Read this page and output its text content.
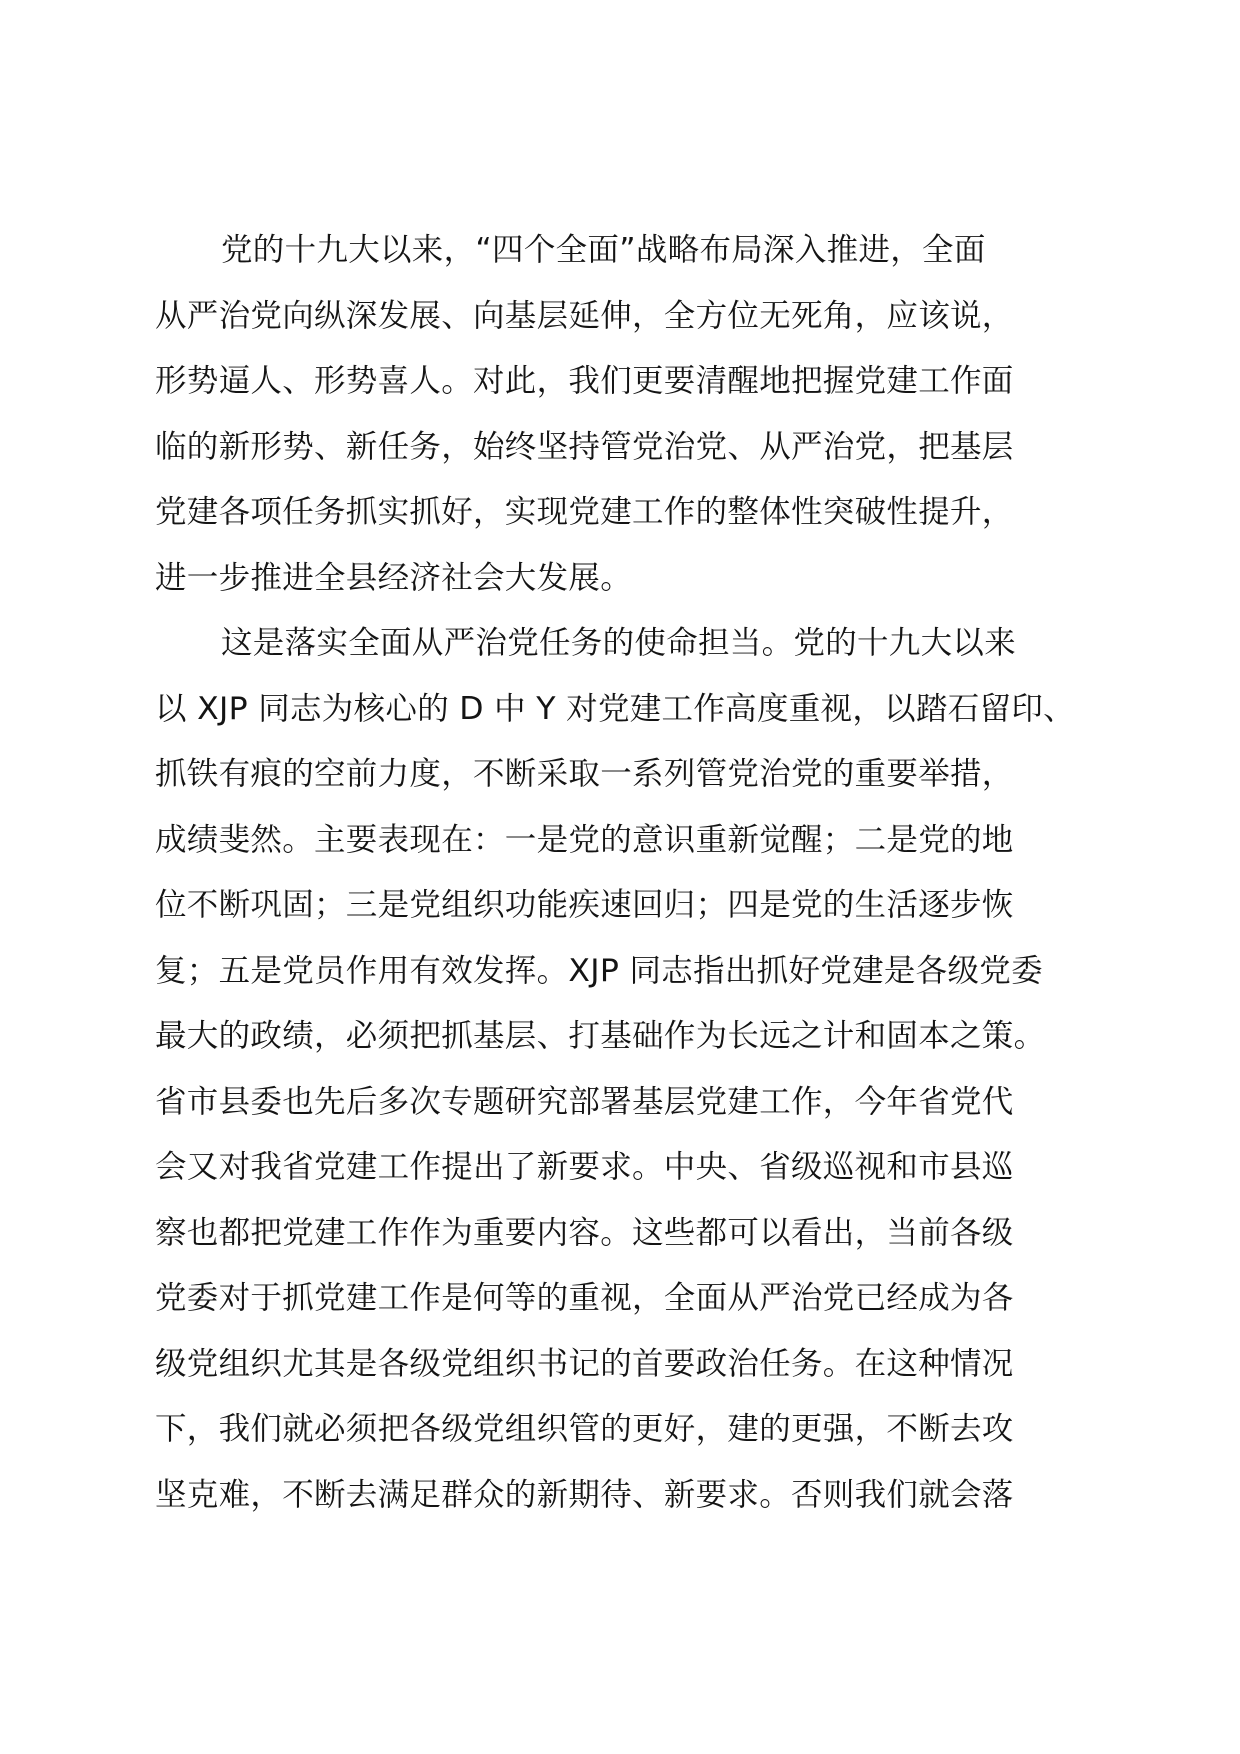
党的十九大以来，“四个全面”战略布局深入推进，全面
从严治党向纵深发展、向基层延伸，全方位无死角，应该说，
形势逼人、形势喜人。对此，我们更要清醒地把握党建工作面
临的新形势、新任务，始终坚持管党治党、从严治党，把基层
党建各项任务抓实抓好，实现党建工作的整体性突破性提升，
进一步推进全县经济社会大发展。
这是落实全面从严治党任务的使命担当。党的十九大以来
以 XJP 同志为核心的 D 中 Y 对党建工作高度重视，以踏石留印、
抓铁有痕的空前力度，不断采取一系列管党治党的重要举措，
成绩斐然。主要表现在：一是党的意识重新觉醒；二是党的地
位不断巩固；三是党组织功能疾速回归；四是党的生活逐步恢
复；五是党员作用有效发挥。XJP 同志指出抓好党建是各级党委
最大的政绩，必须把抓基层、打基础作为长远之计和固本之策。
省市县委也先后多次专题研究部署基层党建工作，今年省党代
会又对我省党建工作提出了新要求。中央、省级巡视和市县巡
察也都把党建工作作为重要内容。这些都可以看出，当前各级
党委对于抓党建工作是何等的重视，全面从严治党已经成为各
级党组织尤其是各级党组织书记的首要政治任务。在这种情况
下，我们就必须把各级党组织管的更好，建的更强，不断去攻
坚克难，不断去满足群众的新期待、新要求。否则我们就会落
